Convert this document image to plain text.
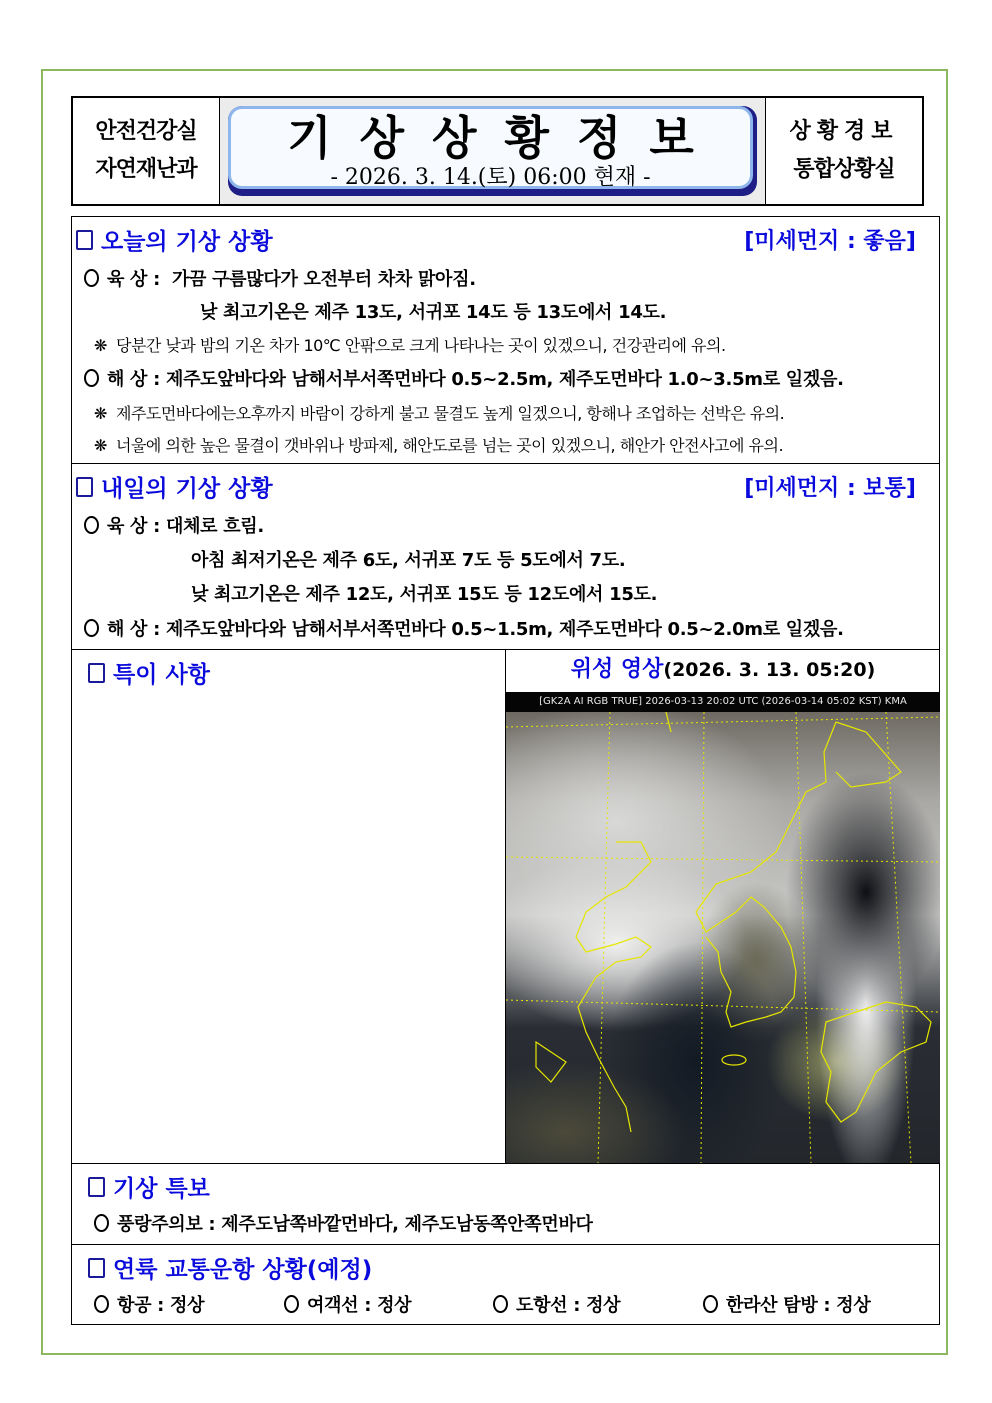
안전건강실
자연재난과
기상상황정보
- 2026. 3. 14.(토) 06:00 현재 -
상황경보
통합상황실
오늘의 기상 상황	[미세먼지 : 좋음]
육 상 : 가끔 구름많다가 오전부터 차차 맑아짐.
낮 최고기온은 제주 13도, 서귀포 14도 등 13도에서 14도.
❋ 당분간 낮과 밤의 기온 차가 10℃ 안팎으로 크게 나타나는 곳이 있겠으니, 건강관리에 유의.
해 상 : 제주도앞바다와 남해서부서쪽먼바다 0.5~2.5m, 제주도먼바다 1.0~3.5m로 일겠음.
❋ 제주도먼바다에는오후까지 바람이 강하게 불고 물결도 높게 일겠으니, 항해나 조업하는 선박은 유의.
❋ 너울에 의한 높은 물결이 갯바위나 방파제, 해안도로를 넘는 곳이 있겠으니, 해안가 안전사고에 유의.
내일의 기상 상황	[미세먼지 : 보통]
육 상 : 대체로 흐림.
아침 최저기온은 제주 6도, 서귀포 7도 등 5도에서 7도.
낮 최고기온은 제주 12도, 서귀포 15도 등 12도에서 15도.
해 상 : 제주도앞바다와 남해서부서쪽먼바다 0.5~1.5m, 제주도먼바다 0.5~2.0m로 일겠음.
특이 사항	위성 영상(2026. 3. 13. 05:20)
[GK2A AI RGB TRUE] 2026-03-13 20:02 UTC (2026-03-14 05:02 KST) KMA
기상 특보
풍랑주의보 : 제주도남쪽바깥먼바다, 제주도남동쪽안쪽먼바다
연륙 교통운항 상황(예정)
항공 : 정상	여객선 : 정상	도항선 : 정상	한라산 탐방 : 정상
